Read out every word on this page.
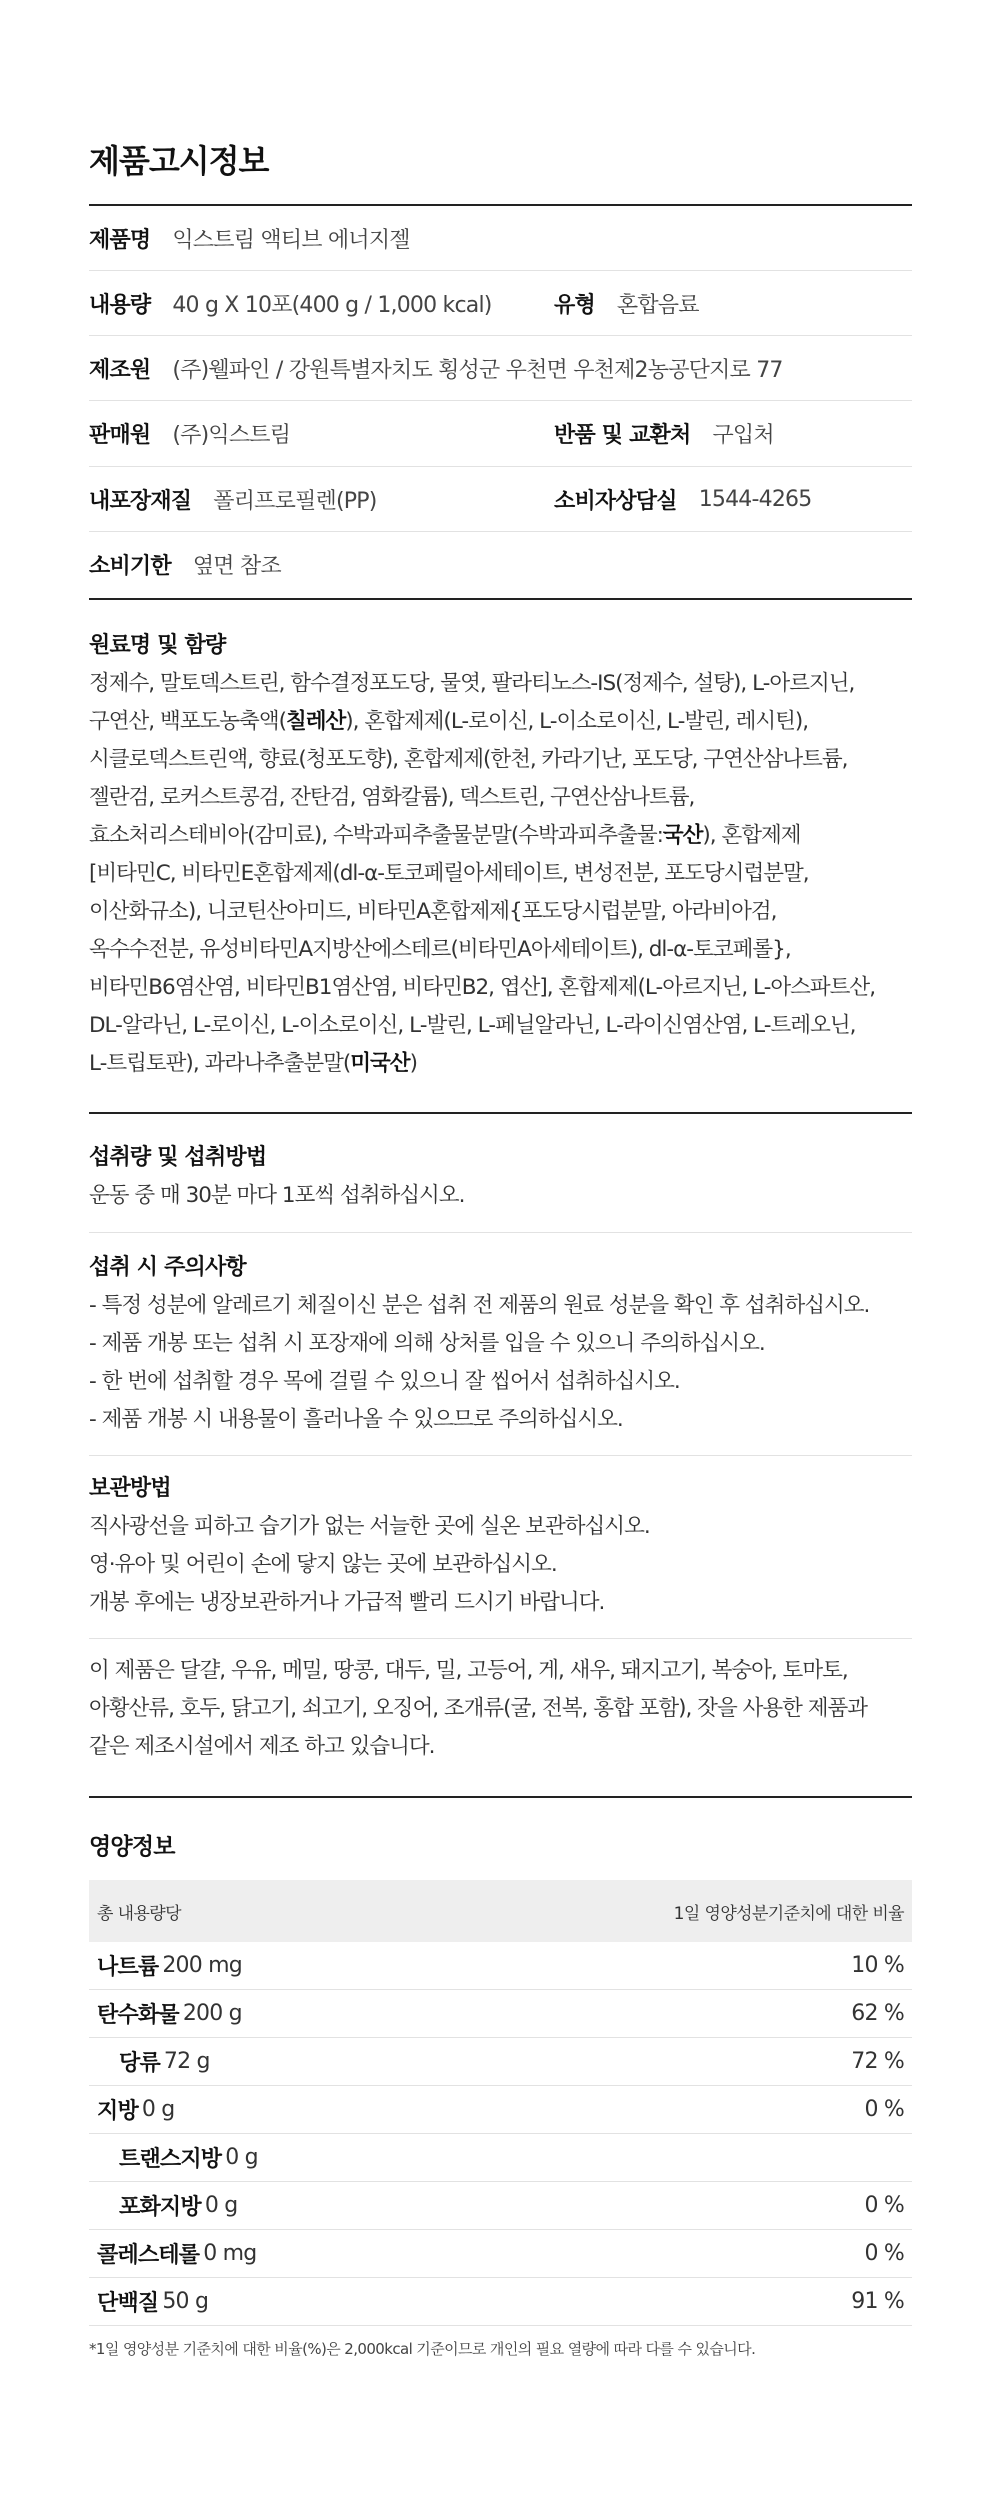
제품고시정보
제품명 익스트림 액티브 에너지젤
내용량 40 g X 10포(400 g / 1,000 kcal)	유형 혼합음료
제조원 (주)웰파인 / 강원특별자치도 횡성군 우천면 우천제2농공단지로 77
판매원 (주)익스트림	반품 및 교환처 구입처
내포장재질 폴리프로필렌(PP)	소비자상담실 1544-4265
소비기한 옆면 참조
원료명 및 함량
정제수, 말토덱스트린, 함수결정포도당, 물엿, 팔라티노스-IS(정제수, 설탕), L-아르지닌,
구연산, 백포도농축액(칠레산), 혼합제제(L-로이신, L-이소로이신, L-발린, 레시틴),
시클로덱스트린액, 향료(청포도향), 혼합제제(한천, 카라기난, 포도당, 구연산삼나트륨,
젤란검, 로커스트콩검, 잔탄검, 염화칼륨), 덱스트린, 구연산삼나트륨,
효소처리스테비아(감미료), 수박과피추출물분말(수박과피추출물:국산), 혼합제제
[비타민C, 비타민E혼합제제(dl-α-토코페릴아세테이트, 변성전분, 포도당시럽분말,
이산화규소), 니코틴산아미드, 비타민A혼합제제{포도당시럽분말, 아라비아검,
옥수수전분, 유성비타민A지방산에스테르(비타민A아세테이트), dl-α-토코페롤},
비타민B6염산염, 비타민B1염산염, 비타민B2, 엽산], 혼합제제(L-아르지닌, L-아스파트산,
DL-알라닌, L-로이신, L-이소로이신, L-발린, L-페닐알라닌, L-라이신염산염, L-트레오닌,
L-트립토판), 과라나추출분말(미국산)
섭취량 및 섭취방법
운동 중 매 30분 마다 1포씩 섭취하십시오.
섭취 시 주의사항
- 특정 성분에 알레르기 체질이신 분은 섭취 전 제품의 원료 성분을 확인 후 섭취하십시오.
- 제품 개봉 또는 섭취 시 포장재에 의해 상처를 입을 수 있으니 주의하십시오.
- 한 번에 섭취할 경우 목에 걸릴 수 있으니 잘 씹어서 섭취하십시오.
- 제품 개봉 시 내용물이 흘러나올 수 있으므로 주의하십시오.
보관방법
직사광선을 피하고 습기가 없는 서늘한 곳에 실온 보관하십시오.
영·유아 및 어린이 손에 닿지 않는 곳에 보관하십시오.
개봉 후에는 냉장보관하거나 가급적 빨리 드시기 바랍니다.
이 제품은 달걀, 우유, 메밀, 땅콩, 대두, 밀, 고등어, 게, 새우, 돼지고기, 복숭아, 토마토,
아황산류, 호두, 닭고기, 쇠고기, 오징어, 조개류(굴, 전복, 홍합 포함), 잣을 사용한 제품과
같은 제조시설에서 제조 하고 있습니다.
영양정보
총 내용량당	1일 영양성분기준치에 대한 비율
나트륨 200 mg	10 %
탄수화물 200 g	62 %
당류 72 g	72 %
지방 0 g	0 %
트랜스지방 0 g
포화지방 0 g	0 %
콜레스테롤 0 mg	0 %
단백질 50 g	91 %
*1일 영양성분 기준치에 대한 비율(%)은 2,000kcal 기준이므로 개인의 필요 열량에 따라 다를 수 있습니다.
